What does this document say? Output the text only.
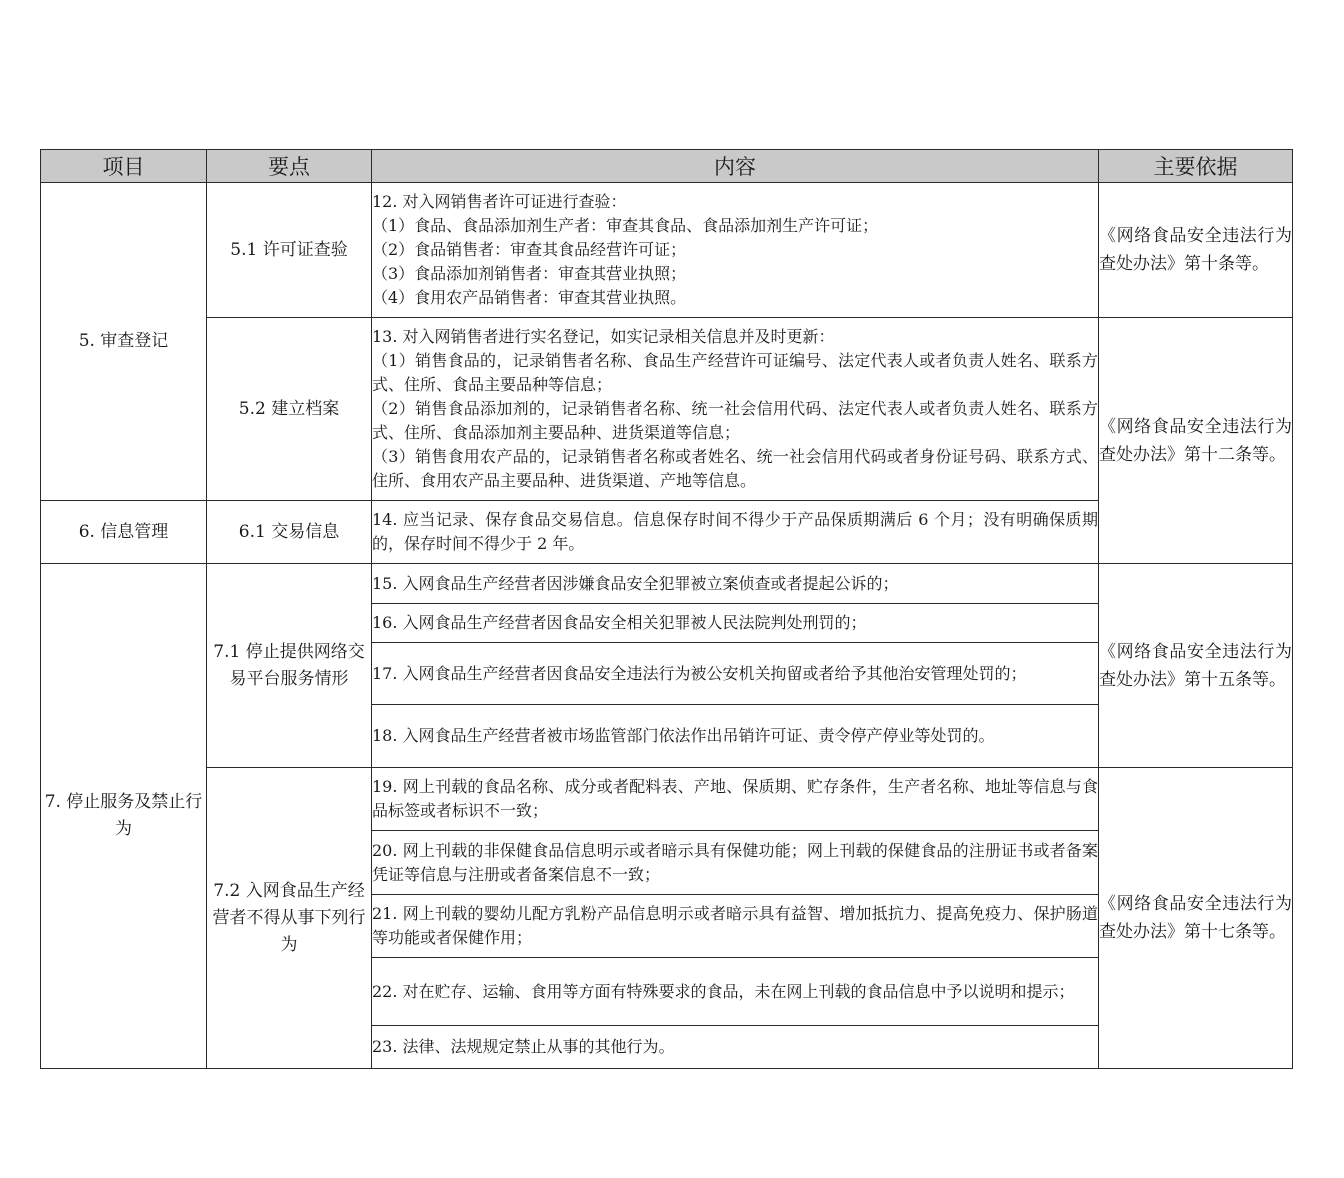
项目	要点	内容	主要依据
5. 审查登记	5.1 许可证查验	12. 对入网销售者许可证进行查验：
（1）食品、食品添加剂生产者：审查其食品、食品添加剂生产许可证；
（2）食品销售者：审查其食品经营许可证；
（3）食品添加剂销售者：审查其营业执照；
（4）食用农产品销售者：审查其营业执照。	《网络食品安全违法行为查处办法》第十条等。
	5.2 建立档案	13. 对入网销售者进行实名登记，如实记录相关信息并及时更新：
（1）销售食品的，记录销售者名称、食品生产经营许可证编号、法定代表人或者负责人姓名、联系方式、住所、食品主要品种等信息；
（2）销售食品添加剂的，记录销售者名称、统一社会信用代码、法定代表人或者负责人姓名、联系方式、住所、食品添加剂主要品种、进货渠道等信息；
（3）销售食用农产品的，记录销售者名称或者姓名、统一社会信用代码或者身份证号码、联系方式、住所、食用农产品主要品种、进货渠道、产地等信息。	《网络食品安全违法行为查处办法》第十二条等。
6. 信息管理	6.1 交易信息	14. 应当记录、保存食品交易信息。信息保存时间不得少于产品保质期满后 6 个月；没有明确保质期的，保存时间不得少于 2 年。	
7. 停止服务及禁止行为	7.1 停止提供网络交易平台服务情形	15. 入网食品生产经营者因涉嫌食品安全犯罪被立案侦查或者提起公诉的；	《网络食品安全违法行为查处办法》第十五条等。
		16. 入网食品生产经营者因食品安全相关犯罪被人民法院判处刑罚的；	
		17. 入网食品生产经营者因食品安全违法行为被公安机关拘留或者给予其他治安管理处罚的；	
		18. 入网食品生产经营者被市场监管部门依法作出吊销许可证、责令停产停业等处罚的。	
	7.2 入网食品生产经营者不得从事下列行为	19. 网上刊载的食品名称、成分或者配料表、产地、保质期、贮存条件，生产者名称、地址等信息与食品标签或者标识不一致；	《网络食品安全违法行为查处办法》第十七条等。
		20. 网上刊载的非保健食品信息明示或者暗示具有保健功能；网上刊载的保健食品的注册证书或者备案凭证等信息与注册或者备案信息不一致；	
		21. 网上刊载的婴幼儿配方乳粉产品信息明示或者暗示具有益智、增加抵抗力、提高免疫力、保护肠道等功能或者保健作用；	
		22. 对在贮存、运输、食用等方面有特殊要求的食品，未在网上刊载的食品信息中予以说明和提示；	
		23. 法律、法规规定禁止从事的其他行为。	
